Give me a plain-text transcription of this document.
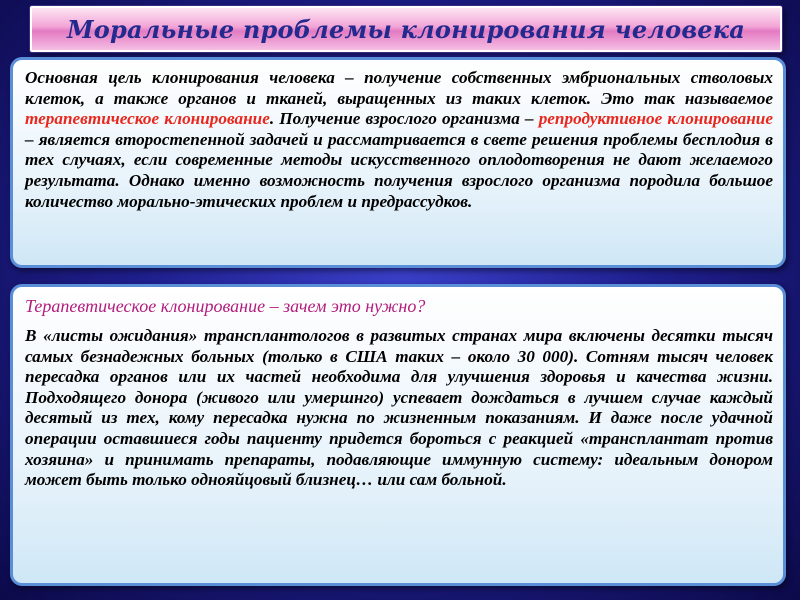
Моральные проблемы клонирования человека

Основная цель клонирования человека – получение собственных эмбриональных стволовых клеток, а также органов и тканей, выращенных из таких клеток. Это так называемое терапевтическое клонирование. Получение взрослого организма – репродуктивное клонирование – является второстепенной задачей и рассматривается в свете решения проблемы бесплодия в тех случаях, если современные методы искусственного оплодотворения не дают желаемого результата. Однако именно возможность получения взрослого организма породила большое количество морально-этических проблем и предрассудков.

Терапевтическое клонирование – зачем это нужно?

В «листы ожидания» трансплантологов в развитых странах мира включены десятки тысяч самых безнадежных больных (только в США таких – около 30 000). Сотням тысяч человек пересадка органов или их частей необходима для улучшения здоровья и качества жизни. Подходящего донора (живого или умершнго) успевает дождаться в лучшем случае каждый десятый из тех, кому пересадка нужна по жизненным показаниям. И даже после удачной операции оставшиеся годы пациенту придется бороться с реакцией «трансплантат против хозяина» и принимать препараты, подавляющие иммунную систему: идеальным донором может быть только однояйцовый близнец… или сам больной.
